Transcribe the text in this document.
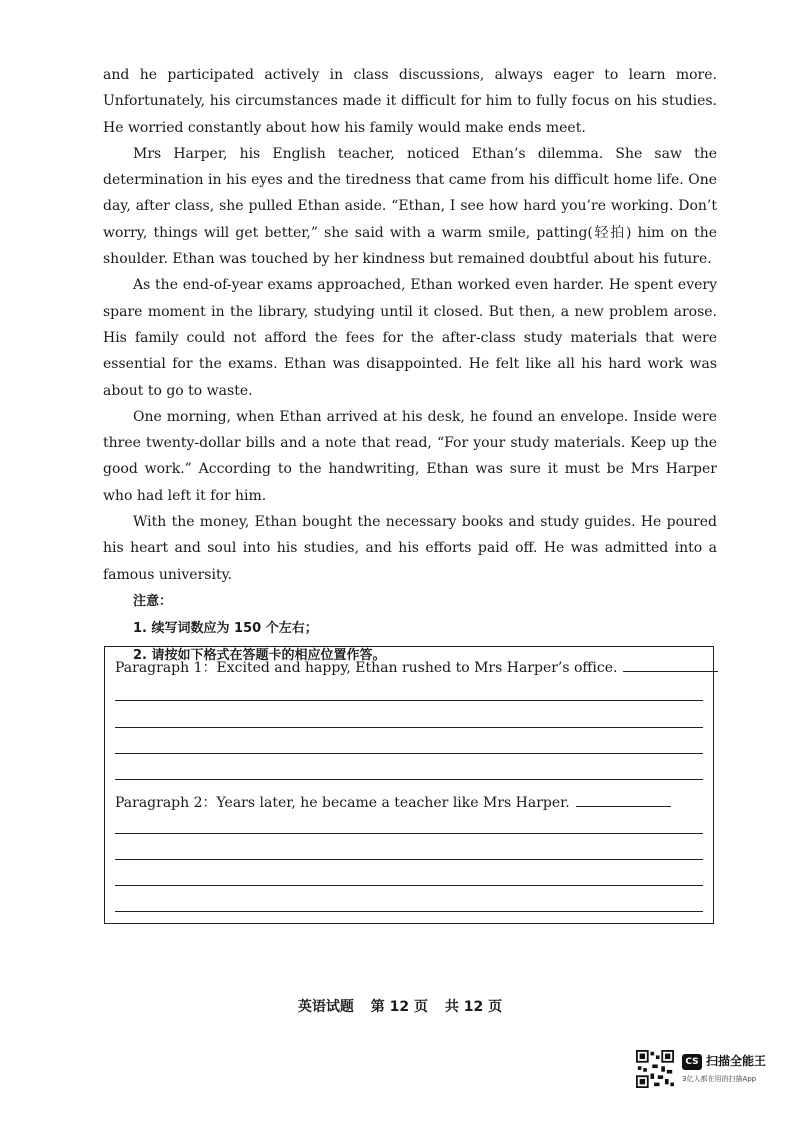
and he participated actively in class discussions, always eager to learn more. Unfortunately, his circumstances made it difficult for him to fully focus on his studies. He worried constantly about how his family would make ends meet.

Mrs Harper, his English teacher, noticed Ethan’s dilemma. She saw the determination in his eyes and the tiredness that came from his difficult home life. One day, after class, she pulled Ethan aside. “Ethan, I see how hard you’re working. Don’t worry, things will get better,” she said with a warm smile, patting(轻拍) him on the shoulder. Ethan was touched by her kindness but remained doubtful about his future.

As the end-of-year exams approached, Ethan worked even harder. He spent every spare moment in the library, studying until it closed. But then, a new problem arose. His family could not afford the fees for the after-class study materials that were essential for the exams. Ethan was disappointed. He felt like all his hard work was about to go to waste.

One morning, when Ethan arrived at his desk, he found an envelope. Inside were three twenty-dollar bills and a note that read, “For your study materials. Keep up the good work.” According to the handwriting, Ethan was sure it must be Mrs Harper who had left it for him.

With the money, Ethan bought the necessary books and study guides. He poured his heart and soul into his studies, and his efforts paid off. He was admitted into a famous university.

注意：
1. 续写词数应为 150 个左右；
2. 请按如下格式在答题卡的相应位置作答。
Paragraph 1：Excited and happy, Ethan rushed to Mrs Harper’s office.
Paragraph 2：Years later, he became a teacher like Mrs Harper.
英语试题 第 12 页 共 12 页
CS 扫描全能王
3亿人都在用的扫描App
